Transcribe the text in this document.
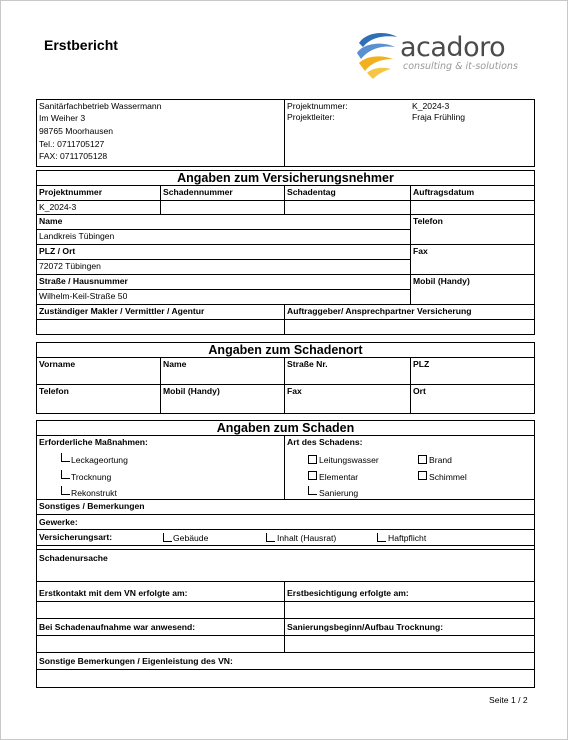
Erstbericht	acadoro
consulting & it-solutions
Sanitärfachbetrieb Wassermann
Im Weiher 3
98765 Moorhausen
Tel.: 0711705127
FAX: 0711705128
Projektnummer:	K_2024-3
Projektleiter:	Fraja Frühling
Angaben zum Versicherungsnehmer
Projektnummer	Schadennummer	Schadentag	Auftragsdatum
K_2024-3
Name	Telefon
Landkreis Tübingen
PLZ / Ort	Fax
72072 Tübingen
Straße / Hausnummer	Mobil (Handy)
Wilhelm-Keil-Straße 50
Zuständiger Makler / Vermittler / Agentur	Auftraggeber/ Ansprechpartner Versicherung
Angaben zum Schadenort
Vorname	Name	Straße Nr.	PLZ
Telefon	Mobil (Handy)	Fax	Ort
Angaben zum Schaden
Erforderliche Maßnahmen:	Art des Schadens:
Leckageortung
Trocknung
Rekonstrukt
Leitungswasser
Elementar
Sanierung
Brand
Schimmel
Sonstiges / Bemerkungen
Gewerke:
Versicherungsart:	Gebäude	Inhalt (Hausrat)	Haftpflicht
Schadenursache
Erstkontakt mit dem VN erfolgte am:	Erstbesichtigung erfolgte am:
Bei Schadenaufnahme war anwesend:	Sanierungsbeginn/Aufbau Trocknung:
Sonstige Bemerkungen / Eigenleistung des VN:
Seite 1 / 2
